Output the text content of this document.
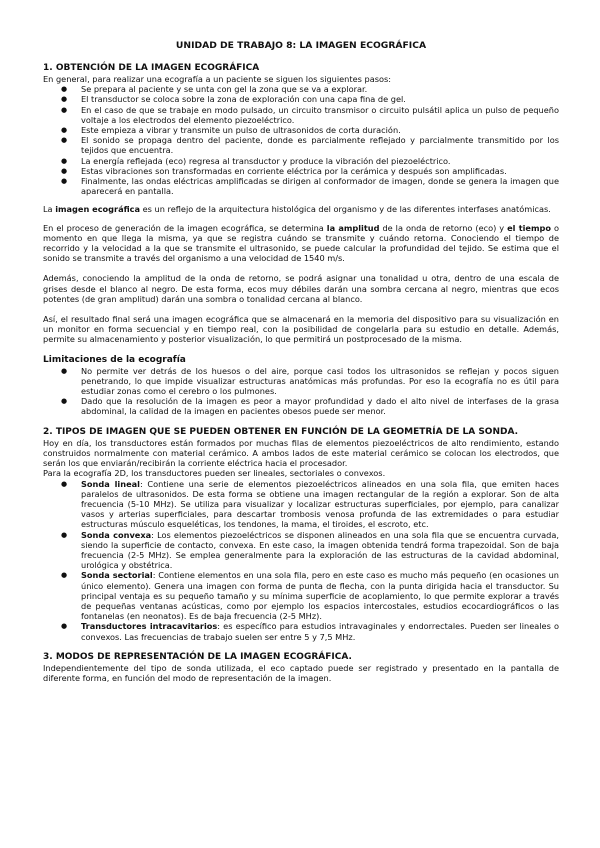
UNIDAD DE TRABAJO 8: LA IMAGEN ECOGRÁFICA
1. OBTENCIÓN DE LA IMAGEN ECOGRÁFICA

En general, para realizar una ecografía a un paciente se siguen los siguientes pasos:

● Se prepara al paciente y se unta con gel la zona que se va a explorar.
● El transductor se coloca sobre la zona de exploración con una capa fina de gel.
● En el caso de que se trabaje en modo pulsado, un circuito transmisor o circuito pulsátil aplica un pulso de pequeño voltaje a los electrodos del elemento piezoeléctrico.
● Este empieza a vibrar y transmite un pulso de ultrasonidos de corta duración.
● El sonido se propaga dentro del paciente, donde es parcialmente reflejado y parcialmente transmitido por los tejidos que encuentra.
● La energía reflejada (eco) regresa al transductor y produce la vibración del piezoeléctrico.
● Estas vibraciones son transformadas en corriente eléctrica por la cerámica y después son amplificadas.
● Finalmente, las ondas eléctricas amplificadas se dirigen al conformador de imagen, donde se genera la imagen que aparecerá en pantalla.

La imagen ecográfica es un reflejo de la arquitectura histológica del organismo y de las diferentes interfases anatómicas.

En el proceso de generación de la imagen ecográfica, se determina la amplitud de la onda de retorno (eco) y el tiempo o momento en que llega la misma, ya que se registra cuándo se transmite y cuándo retorna. Conociendo el tiempo de recorrido y la velocidad a la que se transmite el ultrasonido, se puede calcular la profundidad del tejido. Se estima que el sonido se transmite a través del organismo a una velocidad de 1540 m/s.

Además, conociendo la amplitud de la onda de retorno, se podrá asignar una tonalidad u otra, dentro de una escala de grises desde el blanco al negro. De esta forma, ecos muy débiles darán una sombra cercana al negro, mientras que ecos potentes (de gran amplitud) darán una sombra o tonalidad cercana al blanco.

Así, el resultado final será una imagen ecográfica que se almacenará en la memoria del dispositivo para su visualización en un monitor en forma secuencial y en tiempo real, con la posibilidad de congelarla para su estudio en detalle. Además, permite su almacenamiento y posterior visualización, lo que permitirá un postprocesado de la misma.

Limitaciones de la ecografía
● No permite ver detrás de los huesos o del aire, porque casi todos los ultrasonidos se reflejan y pocos siguen penetrando, lo que impide visualizar estructuras anatómicas más profundas. Por eso la ecografía no es útil para estudiar zonas como el cerebro o los pulmones.
● Dado que la resolución de la imagen es peor a mayor profundidad y dado el alto nivel de interfases de la grasa abdominal, la calidad de la imagen en pacientes obesos puede ser menor.
2. TIPOS DE IMAGEN QUE SE PUEDEN OBTENER EN FUNCIÓN DE LA GEOMETRÍA DE LA SONDA.

Hoy en día, los transductores están formados por muchas filas de elementos piezoeléctricos de alto rendimiento, estando construidos normalmente con material cerámico. A ambos lados de este material cerámico se colocan los electrodos, que serán los que enviarán/recibirán la corriente eléctrica hacia el procesador.

Para la ecografía 2D, los transductores pueden ser lineales, sectoriales o convexos.

● Sonda lineal: Contiene una serie de elementos piezoeléctricos alineados en una sola fila, que emiten haces paralelos de ultrasonidos. De esta forma se obtiene una imagen rectangular de la región a explorar. Son de alta frecuencia (5-10 MHz). Se utiliza para visualizar y localizar estructuras superficiales, por ejemplo, para canalizar vasos y arterias superficiales, para descartar trombosis venosa profunda de las extremidades o para estudiar estructuras músculo esqueléticas, los tendones, la mama, el tiroides, el escroto, etc.
● Sonda convexa: Los elementos piezoeléctricos se disponen alineados en una sola fila que se encuentra curvada, siendo la superficie de contacto, convexa. En este caso, la imagen obtenida tendrá forma trapezoidal. Son de baja frecuencia (2-5 MHz). Se emplea generalmente para la exploración de las estructuras de la cavidad abdominal, urológica y obstétrica.
● Sonda sectorial: Contiene elementos en una sola fila, pero en este caso es mucho más pequeño (en ocasiones un único elemento). Genera una imagen con forma de punta de flecha, con la punta dirigida hacia el transductor. Su principal ventaja es su pequeño tamaño y su mínima superficie de acoplamiento, lo que permite explorar a través de pequeñas ventanas acústicas, como por ejemplo los espacios intercostales, estudios ecocardiográficos o las fontanelas (en neonatos). Es de baja frecuencia (2-5 MHz).
● Transductores intracavitarios: es específico para estudios intravaginales y endorrectales. Pueden ser lineales o convexos. Las frecuencias de trabajo suelen ser entre 5 y 7,5 MHz.
3. MODOS DE REPRESENTACIÓN DE LA IMAGEN ECOGRÁFICA.

Independientemente del tipo de sonda utilizada, el eco captado puede ser registrado y presentado en la pantalla de diferente forma, en función del modo de representación de la imagen.
